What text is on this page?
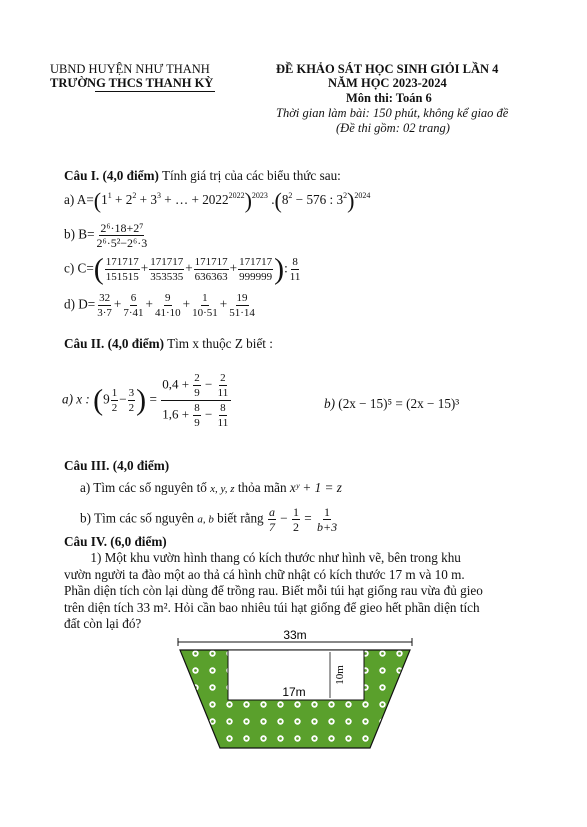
UBND HUYỆN NHƯ THANH
TRƯỜNG THCS THANH KỲ
ĐỀ KHẢO SÁT HỌC SINH GIỎI LẦN 4
NĂM HỌC 2023-2024
Môn thi: Toán 6
Thời gian làm bài: 150 phút, không kể giao đề
(Đề thi gồm: 02 trang)
Câu I. (4,0 điểm) Tính giá trị của các biểu thức sau:
a) $A=(1^1 + 2^2 + 3^3$ + … + $2022^{2022})^{2023}$ $.(8^2 - 576$ : $3^2)^{2024}$
b) $B= \frac{\text{2⁶·18+2⁷}}{\text{2⁶·5²−2⁶·3}}$
c) $C=( \frac{171717}{151515} + \frac{171717}{353535} + \frac{171717}{636363} + \frac{171717}{999999}$ ): $\frac{8}{11}$
d) $D= \frac{32}{3\cdot 7} + \frac{6}{7\cdot 41} + \frac{9}{41\cdot 10} + \frac{1}{10\cdot 51} + \frac{19}{51\cdot 14}$
Câu II. (4,0 điểm) Tìm x thuộc Z biết :
a) x : ($9 \frac{1}{2} - \frac{3}{2}$ ) = $\frac{0,4 + \frac{2}{9} - \frac{2}{11}}{1,6 + \frac{8}{9} - \frac{8}{11}}$	b) (2x − 15)⁵ = (2x − 15)³
Câu III. (4,0 điểm)
a) Tìm các số nguyên tố x, y, z thỏa mãn xʸ + 1 = z
b) Tìm các số nguyên a, b biết rằng $\frac{a}{7} - \frac{1}{2} = \frac{1}{b+3}$
Câu IV. (6,0 điểm)
1) Một khu vườn hình thang có kích thước như hình vẽ, bên trong khu
vườn người ta đào một ao thả cá hình chữ nhật có kích thước 17 m và 10 m.
Phần diện tích còn lại dùng để trồng rau. Biết mỗi túi hạt giống rau vừa đủ gieo
trên diện tích 33 m². Hỏi cần bao nhiêu túi hạt giống để gieo hết phần diện tích
đất còn lại đó?
33m
17m
10m
